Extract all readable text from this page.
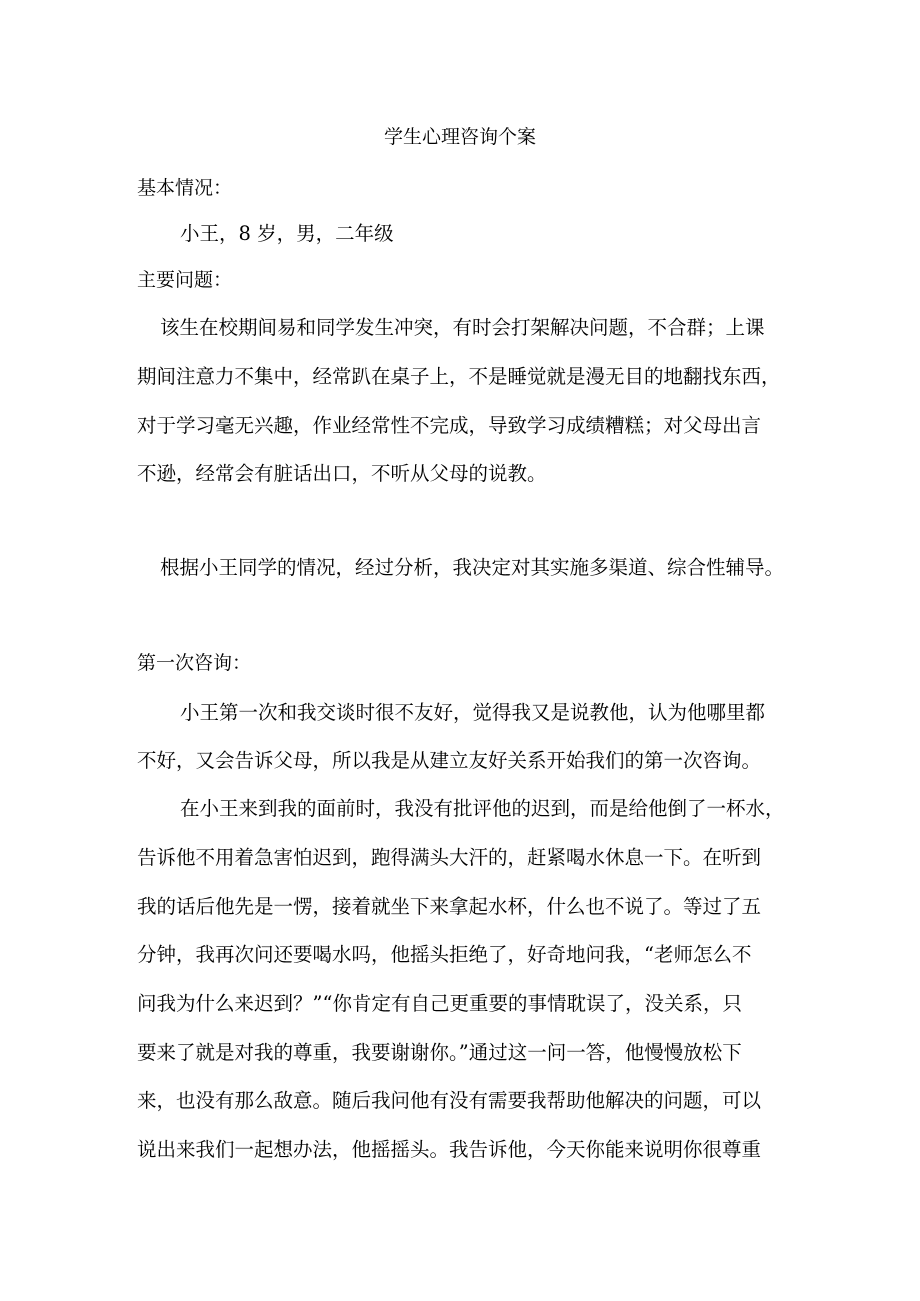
学生心理咨询个案

基本情况：

小王，8 岁，男，二年级

主要问题：

该生在校期间易和同学发生冲突，有时会打架解决问题，不合群；上课

期间注意力不集中，经常趴在桌子上，不是睡觉就是漫无目的地翻找东西，

对于学习毫无兴趣，作业经常性不完成，导致学习成绩糟糕；对父母出言

不逊，经常会有脏话出口，不听从父母的说教。

根据小王同学的情况，经过分析，我决定对其实施多渠道、综合性辅导。

第一次咨询：

小王第一次和我交谈时很不友好，觉得我又是说教他，认为他哪里都

不好，又会告诉父母，所以我是从建立友好关系开始我们的第一次咨询。

在小王来到我的面前时，我没有批评他的迟到，而是给他倒了一杯水，

告诉他不用着急害怕迟到，跑得满头大汗的，赶紧喝水休息一下。在听到

我的话后他先是一愣，接着就坐下来拿起水杯，什么也不说了。等过了五

分钟，我再次问还要喝水吗，他摇头拒绝了，好奇地问我，“老师怎么不

问我为什么来迟到？”“你肯定有自己更重要的事情耽误了，没关系，只

要来了就是对我的尊重，我要谢谢你。”通过这一问一答，他慢慢放松下

来，也没有那么敌意。随后我问他有没有需要我帮助他解决的问题，可以

说出来我们一起想办法，他摇摇头。我告诉他，今天你能来说明你很尊重
